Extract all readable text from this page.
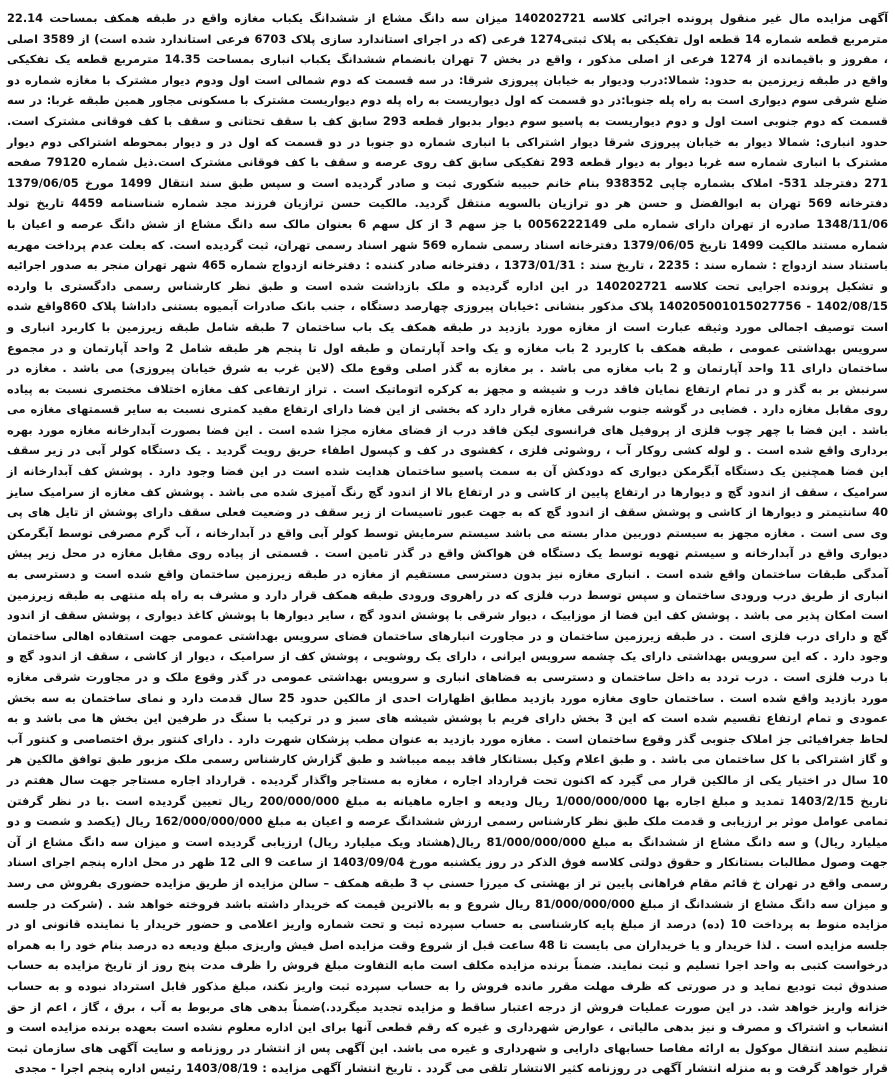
آگهی مزایده مال غیر منقول پرونده اجرائی کلاسه 140202721 میزان سه دانگ مشاع از ششدانگ یکباب مغازه واقع در طبقه همکف بمساحت 22.14 مترمربع قطعه شماره 14 قطعه اول تفکیکی به پلاک ثبتی1274 فرعی (که در اجرای استاندارد سازی پلاک 6703 فرعی استاندارد شده است) از 3589 اصلی ، مفروز و باقیمانده از 1274 فرعی از اصلی مذکور ، واقع در بخش 7 تهران بانضمام ششدانگ یکباب انباری بمساحت 14.35 مترمربع قطعه یک تفکیکی واقع در طبقه زیرزمین به حدود: شمالا:درب ودیوار به خیابان پیروزی شرقا: در سه قسمت که دوم شمالی است اول ودوم دیوار مشترک با مغازه شماره دو ضلع شرقی سوم دیواری است به راه پله جنوبا:در دو قسمت که اول دیواریست به راه پله دوم دیواریست مشترک با مسکونی مجاور همین طبقه غربا: در سه قسمت که دوم جنوبی است اول و دوم دیواریست به پاسیو سوم دیوار بدیوار قطعه 293 سابق کف با سقف تحتانی و سقف با کف فوقانی مشترک است. حدود انباری: شمالا دیوار به خیابان پیروزی شرقا دیوار اشتراکی با انباری شماره دو جنوبا در دو قسمت که اول در و دیوار بمحوطه اشتراکی دوم دیوار مشترک با انباری شماره سه غربا دیوار به دیوار قطعه 293 تفکیکی سابق کف روی عرصه و سقف با کف فوقانی مشترک است.ذیل شماره 79120 صفحه 271 دفترجلد 531- املاک بشماره چاپی 938352 بنام خانم حبیبه شکوری ثبت و صادر گردیده است و سپس طبق سند انتقال 1499 مورخ 1379/06/05 دفترخانه 569 تهران به ابوالفضل و حسن هر دو ترازیان بالسویه منتقل گردید. مالکیت حسن ترازیان فرزند مجد شماره شناسنامه 4459 تاریخ تولد 1348/11/06 صادره از تهران دارای شماره ملی 0056222149 با جز سهم 3 از کل سهم 6 بعنوان مالک سه دانگ مشاع از شش دانگ عرصه و اعیان با شماره مستند مالکیت 1499 تاریخ 1379/06/05 دفترخانه اسناد رسمی شماره 569 شهر اسناد رسمی تهران، ثبت گردیده است. که بعلت عدم پرداخت مهریه باستناد سند ازدواج : شماره سند : 2235 ، تاریخ سند : 1373/01/31 ، دفترخانه صادر کننده : دفترخانه ازدواج شماره 465 شهر تهران منجر به صدور اجرائیه و تشکیل پرونده اجرایی تحت کلاسه 140202721 در این اداره گردیده و ملک بازداشت شده است و طبق نظر کارشناس رسمی دادگستری با وارده 1402/08/15 - 140205001015027756 پلاک مذکور بنشانی :خیابان پیروزی چهارصد دستگاه ، جنب بانک صادرات آبمیوه بستنی داداشا پلاک 860واقع شده است توصیف اجمالی مورد وثیقه عبارت است از مغازه مورد بازدید در طبقه همکف یک باب ساختمان 7 طبقه شامل طبقه زیرزمین با کاربرد انباری و سرویس بهداشتی عمومی ، طبقه همکف با کاربرد 2 باب مغازه و یک واحد آپارتمان و طبقه اول تا پنجم هر طبقه شامل 2 واحد آپارتمان و در مجموع ساختمان دارای 11 واحد آپارتمان و 2 باب مغازه می باشد . بر مغازه به گذر اصلی وقوع ملک (لاین غرب به شرق خیابان پیروزی) می باشد . مغازه در سرنبش بر به گذر و در تمام ارتفاع نمایان فاقد درب و شیشه و مجهز به کرکره اتوماتیک است . تراز ارتفاعی کف مغازه اختلاف مختصری نسبت به پیاده روی مقابل مغازه دارد . فضایی در گوشه جنوب شرقی مغازه قرار دارد که بخشی از این فضا دارای ارتفاع مفید کمتری نسبت به سایر قسمتهای مغازه می باشد . این فضا با چهر چوب فلزی از پروفیل های فرانسوی لیکن فاقد درب از فضای مغازه مجزا شده است . این فضا بصورت آبدارخانه مغازه مورد بهره برداری واقع شده است . و لوله کشی روکار آب ، روشوئی فلزی ، کفشوی در کف و کپسول اطفاء حریق رویت گردید . یک دستگاه کولر آبی در زیر سقف این فضا همچنین یک دستگاه آبگرمکن دیواری که دودکش آن به سمت پاسیو ساختمان هدایت شده است در این فضا وجود دارد . پوشش کف آبدارخانه از سرامیک ، سقف از اندود گچ و دیوارها در ارتفاع پایین از کاشی و در ارتفاع بالا از اندود گچ رنگ آمیزی شده می باشد . پوشش کف مغازه از سرامیک سایز 40 سانتیمتر و دیوارها از کاشی و پوشش سقف از اندود گچ که به جهت عبور تاسیسات از زیر سقف در وضعیت فعلی سقف دارای پوشش از تایل های پی وی سی است . مغازه مجهز به سیستم دوربین مدار بسته می باشد سیستم سرمایش توسط کولر آبی واقع در آبدارخانه ، آب گرم مصرفی توسط آبگرمکن دیواری واقع در آبدارخانه و سیستم تهویه توسط یک دستگاه فن هواکش واقع در گذر تامین است . قسمتی از پیاده روی مقابل مغازه در محل زیر پیش آمدگی طبقات ساختمان واقع شده است . انباری مغازه نیز بدون دسترسی مستقیم از مغازه در طبقه زیرزمین ساختمان واقع شده است و دسترسی به انباری از طریق درب ورودی ساختمان و سپس توسط درب فلزی که در راهروی ورودی طبقه همکف قرار دارد و مشرف به راه پله منتهی به طبقه زیرزمین است امکان پذیر می باشد . پوشش کف این فضا از موزاییک ، دیوار شرقی با پوشش اندود گچ ، سایر دیوارها با پوشش کاغذ دیواری ، پوشش سقف از اندود گچ و دارای درب فلزی است . در طبقه زیرزمین ساختمان و در مجاورت انبارهای ساختمان فضای سرویس بهداشتی عمومی جهت استفاده اهالی ساختمان وجود دارد . که این سرویس بهداشتی دارای یک چشمه سرویس ایرانی ، دارای یک روشویی ، پوشش کف از سرامیک ، دیوار از کاشی ، سقف از اندود گچ و با درب فلزی است . درب تردد به داخل ساختمان و دسترسی به فضاهای انباری و سرویس بهداشتی عمومی در گذر وقوع ملک و در مجاورت شرقی مغازه مورد بازدید واقع شده است . ساختمان حاوی مغازه مورد بازدید مطابق اظهارات احدی از مالکین حدود 25 سال قدمت دارد و نمای ساختمان به سه بخش عمودی و تمام ارتفاع تقسیم شده است که این 3 بخش دارای فریم با پوشش شیشه های سبز و در ترکیب با سنگ در طرفین این بخش ها می باشد و به لحاظ جغرافیائی جز املاک جنوبی گذر وقوع ساختمان است . مغازه مورد بازدید به عنوان مطب پزشکان شهرت دارد . دارای کنتور برق اختصاصی و کنتور آب و گاز اشتراکی با کل ساختمان می باشد . و طبق اعلام وکیل بستانکار فاقد بیمه میباشد و طبق گزارش کارشناس رسمی ملک مزبور طبق توافق مالکین هر 10 سال در اختیار یکی از مالکین قرار می گیرد که اکنون تحت قرارداد اجاره ، مغازه به مستاجر واگذار گردیده . قرارداد اجاره مستاجر جهت سال هفتم در تاریخ 1403/2/15 تمدید و مبلغ اجاره بها 1/000/000/000 ریال ودیعه و اجاره ماهیانه به مبلغ 200/000/000 ریال تعیین گردیده است .با در نظر گرفتن تمامی عوامل موثر بر ارزیابی و قدمت ملک طبق نظر کارشناس رسمی ارزش ششدانگ عرصه و اعیان به مبلغ 162/000/000/000 ریال (یکصد و شصت و دو میلیارد ریال) و سه دانگ مشاع از ششدانگ به مبلغ 81/000/000/000 ریال(هشتاد ویک میلیارد ریال) ارزیابی گردیده است و میزان سه دانگ مشاع از آن جهت وصول مطالبات بستانکار و حقوق دولتی کلاسه فوق الذکر در روز یکشنبه مورخ 1403/09/04 از ساعت 9 الی 12 ظهر در محل اداره پنجم اجرای اسناد رسمی واقع در تهران خ قائم مقام فراهانی پایین تر از بهشتی ک میرزا حسنی پ 3 طبقه همکف – سالن مزایده از طریق مزایده حضوری بفروش می رسد و میزان سه دانگ مشاع از ششدانگ از مبلغ 81/000/000/000 ریال شروع و به بالاترین قیمت که خریدار داشته باشد فروخته خواهد شد . (شرکت در جلسه مزایده منوط به پرداخت 10 (ده) درصد از مبلغ پایه کارشناسی به حساب سپرده ثبت و تحت شماره واریز اعلامی و حضور خریدار یا نماینده قانونی او در جلسه مزایده است . لذا خریدار و یا خریداران می بایست تا 48 ساعت قبل از شروع وقت مزایده اصل فیش واریزی مبلغ ودیعه ده درصد بنام خود را به همراه درخواست کتبی به واحد اجرا تسلیم و ثبت نمایند. ضمناً برنده مزایده مکلف است مابه التفاوت مبلغ فروش را ظرف مدت پنج روز از تاریخ مزایده به حساب صندوق ثبت تودیع نماید و در صورتی که ظرف مهلت مقرر مانده فروش را به حساب سپرده ثبت واریز نکند، مبلغ مذکور قابل استرداد نبوده و به حساب خزانه واریز خواهد شد. در این صورت عملیات فروش از درجه اعتبار ساقط و مزایده تجدید میگردد.)ضمناً بدهی های مربوط به آب ، برق ، گاز ، اعم از حق انشعاب و اشتراک و مصرف و نیز بدهی مالیاتی ، عوارض شهرداری و غیره که رقم قطعی آنها برای این اداره معلوم نشده است بعهده برنده مزایده است و تنظیم سند انتقال موکول به ارائه مفاصا حسابهای دارایی و شهرداری و غیره می باشد. این آگهی پس از انتشار در روزنامه و سایت آگهی های سازمان ثبت قرار خواهد گرفت و به منزله انتشار آگهی در روزنامه کثیر الانتشار تلقی می گردد . تاریخ انتشار آگهی مزایده : 1403/08/19 رئیس اداره پنجم اجرا - مجدی
